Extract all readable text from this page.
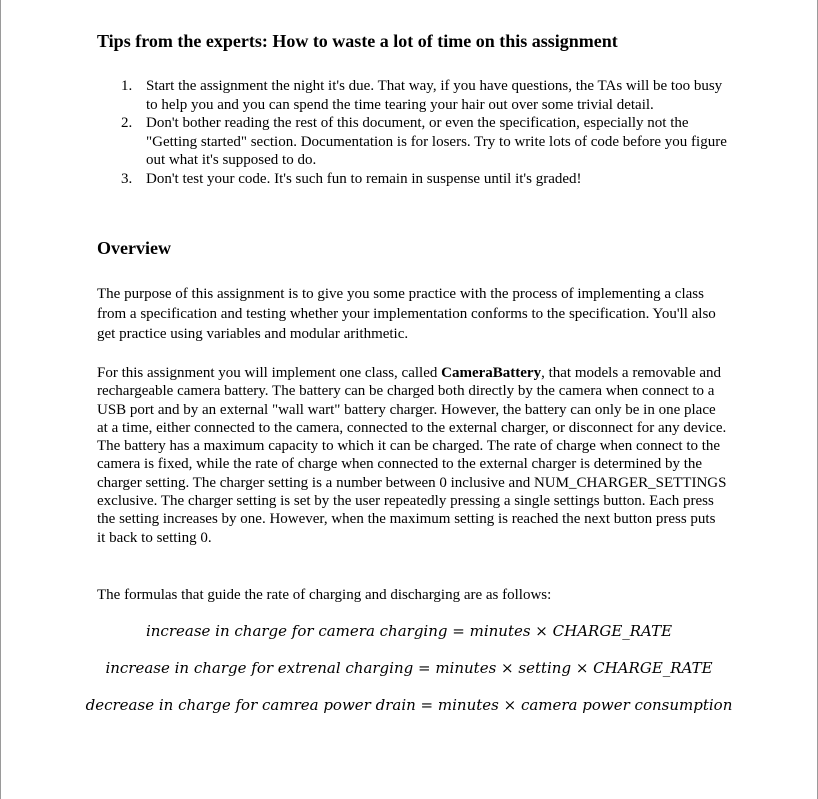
Tips from the experts: How to waste a lot of time on this assignment
1. Start the assignment the night it's due. That way, if you have questions, the TAs will be too busy to help you and you can spend the time tearing your hair out over some trivial detail.
2. Don't bother reading the rest of this document, or even the specification, especially not the "Getting started" section. Documentation is for losers. Try to write lots of code before you figure out what it's supposed to do.
3. Don't test your code. It's such fun to remain in suspense until it's graded!
Overview

The purpose of this assignment is to give you some practice with the process of implementing a class from a specification and testing whether your implementation conforms to the specification. You'll also get practice using variables and modular arithmetic.

For this assignment you will implement one class, called CameraBattery, that models a removable and rechargeable camera battery. The battery can be charged both directly by the camera when connect to a USB port and by an external "wall wart" battery charger. However, the battery can only be in one place at a time, either connected to the camera, connected to the external charger, or disconnect for any device. The battery has a maximum capacity to which it can be charged. The rate of charge when connect to the camera is fixed, while the rate of charge when connected to the external charger is determined by the charger setting. The charger setting is a number between 0 inclusive and NUM_CHARGER_SETTINGS exclusive. The charger setting is set by the user repeatedly pressing a single settings button. Each press the setting increases by one. However, when the maximum setting is reached the next button press puts it back to setting 0.

The formulas that guide the rate of charging and discharging are as follows:

increase in charge for camera charging = minutes × CHARGE_RATE
increase in charge for extrenal charging = minutes × setting × CHARGE_RATE
decrease in charge for camrea power drain = minutes × camera power consumption
